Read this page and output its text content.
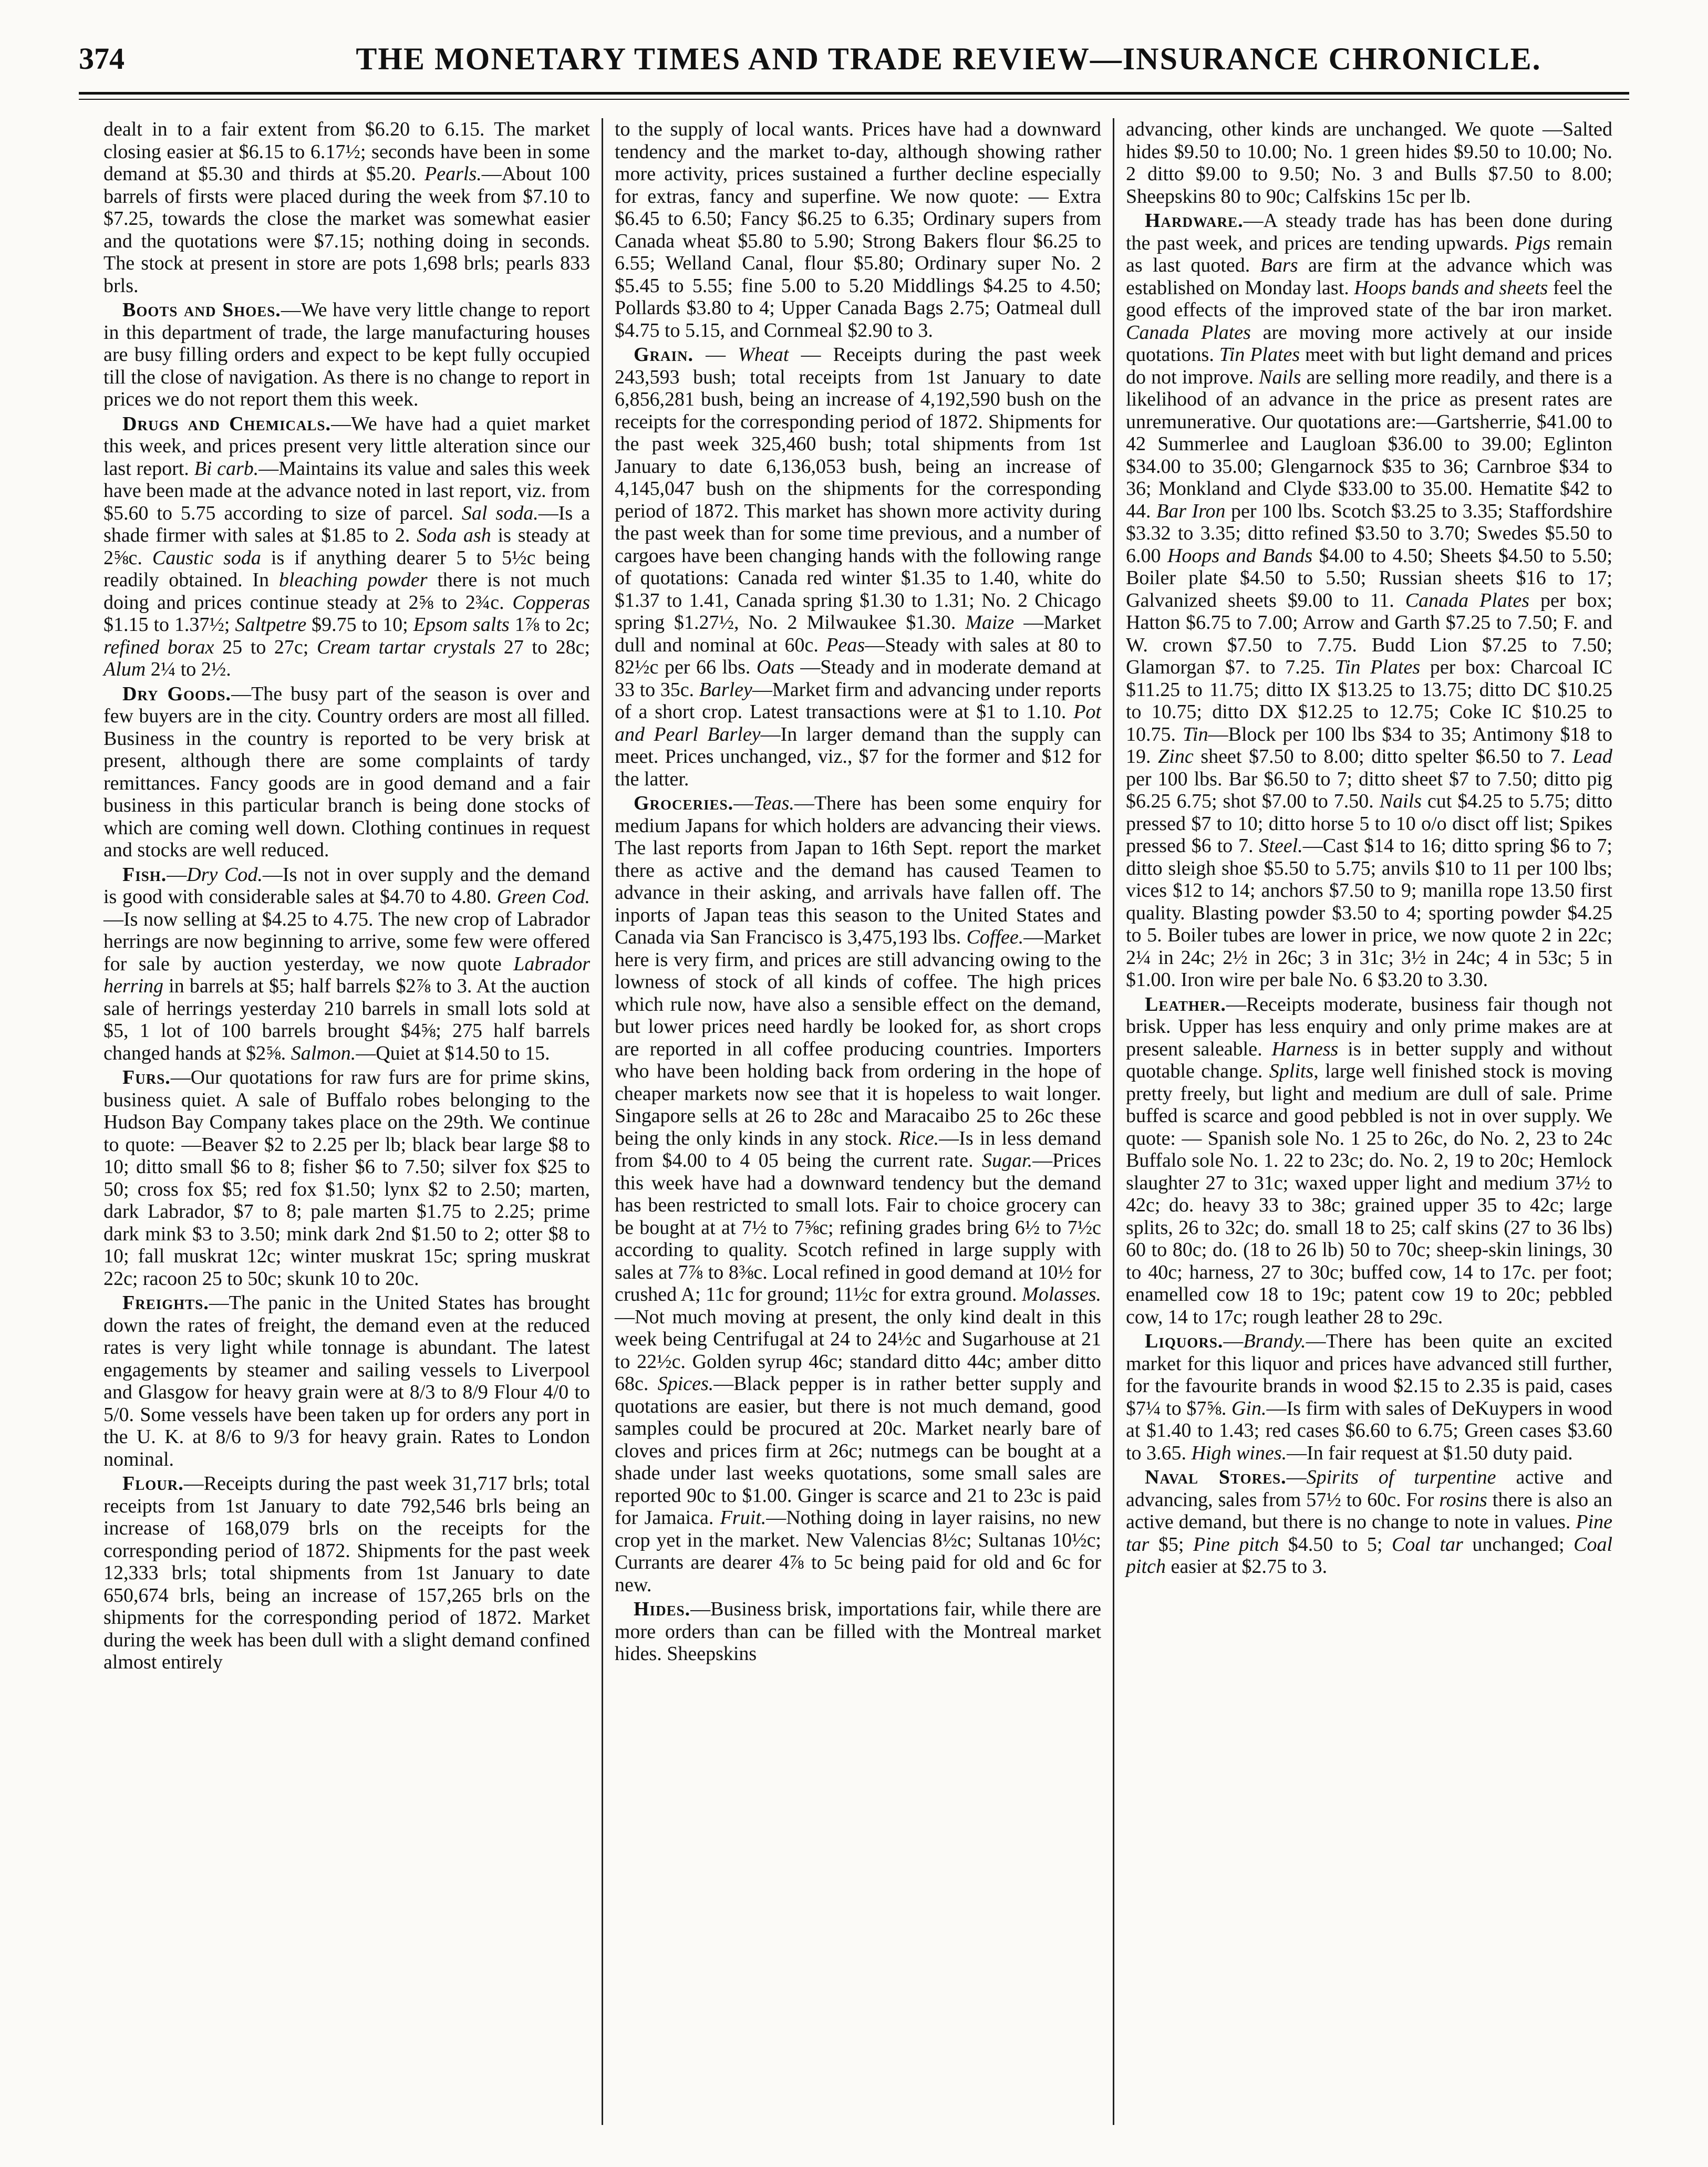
374	THE MONETARY TIMES AND TRADE REVIEW—INSURANCE CHRONICLE.

dealt in to a fair extent from $6.20 to 6.15. The market closing easier at $6.15 to 6.17½; seconds have been in some demand at $5.30 and thirds at $5.20. Pearls.—About 100 barrels of firsts were placed during the week from $7.10 to $7.25, towards the close the market was somewhat easier and the quotations were $7.15; nothing doing in seconds. The stock at present in store are pots 1,698 brls; pearls 833 brls.

Boots and Shoes.—We have very little change to report in this department of trade, the large manufacturing houses are busy filling orders and expect to be kept fully occupied till the close of navigation. As there is no change to report in prices we do not report them this week.

Drugs and Chemicals.—We have had a quiet market this week, and prices present very little alteration since our last report. Bi carb.—Maintains its value and sales this week have been made at the advance noted in last report, viz. from $5.60 to 5.75 according to size of parcel. Sal soda.—Is a shade firmer with sales at $1.85 to 2. Soda ash is steady at 2⅝c. Caustic soda is if anything dearer 5 to 5½c being readily obtained. In bleaching powder there is not much doing and prices continue steady at 2⅝ to 2¾c. Copperas $1.15 to 1.37½; Saltpetre $9.75 to 10; Epsom salts 1⅞ to 2c; refined borax 25 to 27c; Cream tartar crystals 27 to 28c; Alum 2¼ to 2½.

Dry Goods.—The busy part of the season is over and few buyers are in the city. Country orders are most all filled. Business in the country is reported to be very brisk at present, although there are some complaints of tardy remittances. Fancy goods are in good demand and a fair business in this particular branch is being done stocks of which are coming well down. Clothing continues in request and stocks are well reduced.

Fish.—Dry Cod.—Is not in over supply and the demand is good with considerable sales at $4.70 to 4.80. Green Cod.—Is now selling at $4.25 to 4.75. The new crop of Labrador herrings are now beginning to arrive, some few were offered for sale by auction yesterday, we now quote Labrador herring in barrels at $5; half barrels $2⅞ to 3. At the auction sale of herrings yesterday 210 barrels in small lots sold at $5, 1 lot of 100 barrels brought $4⅝; 275 half barrels changed hands at $2⅝. Salmon.—Quiet at $14.50 to 15.

Furs.—Our quotations for raw furs are for prime skins, business quiet. A sale of Buffalo robes belonging to the Hudson Bay Company takes place on the 29th. We continue to quote: —Beaver $2 to 2.25 per lb; black bear large $8 to 10; ditto small $6 to 8; fisher $6 to 7.50; silver fox $25 to 50; cross fox $5; red fox $1.50; lynx $2 to 2.50; marten, dark Labrador, $7 to 8; pale marten $1.75 to 2.25; prime dark mink $3 to 3.50; mink dark 2nd $1.50 to 2; otter $8 to 10; fall muskrat 12c; winter muskrat 15c; spring muskrat 22c; racoon 25 to 50c; skunk 10 to 20c.

Freights.—The panic in the United States has brought down the rates of freight, the demand even at the reduced rates is very light while tonnage is abundant. The latest engagements by steamer and sailing vessels to Liverpool and Glasgow for heavy grain were at 8/3 to 8/9 Flour 4/0 to 5/0. Some vessels have been taken up for orders any port in the U. K. at 8/6 to 9/3 for heavy grain. Rates to London nominal.

Flour.—Receipts during the past week 31,717 brls; total receipts from 1st January to date 792,546 brls being an increase of 168,079 brls on the receipts for the corresponding period of 1872. Shipments for the past week 12,333 brls; total shipments from 1st January to date 650,674 brls, being an increase of 157,265 brls on the shipments for the corresponding period of 1872. Market during the week has been dull with a slight demand confined almost entirely

to the supply of local wants. Prices have had a downward tendency and the market to-day, although showing rather more activity, prices sustained a further decline especially for extras, fancy and superfine. We now quote: — Extra $6.45 to 6.50; Fancy $6.25 to 6.35; Ordinary supers from Canada wheat $5.80 to 5.90; Strong Bakers flour $6.25 to 6.55; Welland Canal, flour $5.80; Ordinary super No. 2 $5.45 to 5.55; fine 5.00 to 5.20 Middlings $4.25 to 4.50; Pollards $3.80 to 4; Upper Canada Bags 2.75; Oatmeal dull $4.75 to 5.15, and Cornmeal $2.90 to 3.

Grain. — Wheat — Receipts during the past week 243,593 bush; total receipts from 1st January to date 6,856,281 bush, being an increase of 4,192,590 bush on the receipts for the corresponding period of 1872. Shipments for the past week 325,460 bush; total shipments from 1st January to date 6,136,053 bush, being an increase of 4,145,047 bush on the shipments for the corresponding period of 1872. This market has shown more activity during the past week than for some time previous, and a number of cargoes have been changing hands with the following range of quotations: Canada red winter $1.35 to 1.40, white do $1.37 to 1.41, Canada spring $1.30 to 1.31; No. 2 Chicago spring $1.27½, No. 2 Milwaukee $1.30. Maize —Market dull and nominal at 60c. Peas—Steady with sales at 80 to 82½c per 66 lbs. Oats —Steady and in moderate demand at 33 to 35c. Barley—Market firm and advancing under reports of a short crop. Latest transactions were at $1 to 1.10. Pot and Pearl Barley—In larger demand than the supply can meet. Prices unchanged, viz., $7 for the former and $12 for the latter.

Groceries.—Teas.—There has been some enquiry for medium Japans for which holders are advancing their views. The last reports from Japan to 16th Sept. report the market there as active and the demand has caused Teamen to advance in their asking, and arrivals have fallen off. The inports of Japan teas this season to the United States and Canada via San Francisco is 3,475,193 lbs. Coffee.—Market here is very firm, and prices are still advancing owing to the lowness of stock of all kinds of coffee. The high prices which rule now, have also a sensible effect on the demand, but lower prices need hardly be looked for, as short crops are reported in all coffee producing countries. Importers who have been holding back from ordering in the hope of cheaper markets now see that it is hopeless to wait longer. Singapore sells at 26 to 28c and Maracaibo 25 to 26c these being the only kinds in any stock. Rice.—Is in less demand from $4.00 to 4 05 being the current rate. Sugar.—Prices this week have had a downward tendency but the demand has been restricted to small lots. Fair to choice grocery can be bought at at 7½ to 7⅝c; refining grades bring 6½ to 7½c according to quality. Scotch refined in large supply with sales at 7⅞ to 8⅜c. Local refined in good demand at 10½ for crushed A; 11c for ground; 11½c for extra ground. Molasses.—Not much moving at present, the only kind dealt in this week being Centrifugal at 24 to 24½c and Sugarhouse at 21 to 22½c. Golden syrup 46c; standard ditto 44c; amber ditto 68c. Spices.—Black pepper is in rather better supply and quotations are easier, but there is not much demand, good samples could be procured at 20c. Market nearly bare of cloves and prices firm at 26c; nutmegs can be bought at a shade under last weeks quotations, some small sales are reported 90c to $1.00. Ginger is scarce and 21 to 23c is paid for Jamaica. Fruit.—Nothing doing in layer raisins, no new crop yet in the market. New Valencias 8½c; Sultanas 10½c; Currants are dearer 4⅞ to 5c being paid for old and 6c for new.

Hides.—Business brisk, importations fair, while there are more orders than can be filled with the Montreal market hides. Sheepskins

advancing, other kinds are unchanged. We quote —Salted hides $9.50 to 10.00; No. 1 green hides $9.50 to 10.00; No. 2 ditto $9.00 to 9.50; No. 3 and Bulls $7.50 to 8.00; Sheepskins 80 to 90c; Calfskins 15c per lb.

Hardware.—A steady trade has has been done during the past week, and prices are tending upwards. Pigs remain as last quoted. Bars are firm at the advance which was established on Monday last. Hoops bands and sheets feel the good effects of the improved state of the bar iron market. Canada Plates are moving more actively at our inside quotations. Tin Plates meet with but light demand and prices do not improve. Nails are selling more readily, and there is a likelihood of an advance in the price as present rates are unremunerative. Our quotations are:—Gartsherrie, $41.00 to 42 Summerlee and Laugloan $36.00 to 39.00; Eglinton $34.00 to 35.00; Glengarnock $35 to 36; Carnbroe $34 to 36; Monkland and Clyde $33.00 to 35.00. Hematite $42 to 44. Bar Iron per 100 lbs. Scotch $3.25 to 3.35; Staffordshire $3.32 to 3.35; ditto refined $3.50 to 3.70; Swedes $5.50 to 6.00 Hoops and Bands $4.00 to 4.50; Sheets $4.50 to 5.50; Boiler plate $4.50 to 5.50; Russian sheets $16 to 17; Galvanized sheets $9.00 to 11. Canada Plates per box; Hatton $6.75 to 7.00; Arrow and Garth $7.25 to 7.50; F. and W. crown $7.50 to 7.75. Budd Lion $7.25 to 7.50; Glamorgan $7. to 7.25. Tin Plates per box: Charcoal IC $11.25 to 11.75; ditto IX $13.25 to 13.75; ditto DC $10.25 to 10.75; ditto DX $12.25 to 12.75; Coke IC $10.25 to 10.75. Tin—Block per 100 lbs $34 to 35; Antimony $18 to 19. Zinc sheet $7.50 to 8.00; ditto spelter $6.50 to 7. Lead per 100 lbs. Bar $6.50 to 7; ditto sheet $7 to 7.50; ditto pig $6.25 6.75; shot $7.00 to 7.50. Nails cut $4.25 to 5.75; ditto pressed $7 to 10; ditto horse 5 to 10 o/o disct off list; Spikes pressed $6 to 7. Steel.—Cast $14 to 16; ditto spring $6 to 7; ditto sleigh shoe $5.50 to 5.75; anvils $10 to 11 per 100 lbs; vices $12 to 14; anchors $7.50 to 9; manilla rope 13.50 first quality. Blasting powder $3.50 to 4; sporting powder $4.25 to 5. Boiler tubes are lower in price, we now quote 2 in 22c; 2¼ in 24c; 2½ in 26c; 3 in 31c; 3½ in 24c; 4 in 53c; 5 in $1.00. Iron wire per bale No. 6 $3.20 to 3.30.

Leather.—Receipts moderate, business fair though not brisk. Upper has less enquiry and only prime makes are at present saleable. Harness is in better supply and without quotable change. Splits, large well finished stock is moving pretty freely, but light and medium are dull of sale. Prime buffed is scarce and good pebbled is not in over supply. We quote: — Spanish sole No. 1 25 to 26c, do No. 2, 23 to 24c Buffalo sole No. 1. 22 to 23c; do. No. 2, 19 to 20c; Hemlock slaughter 27 to 31c; waxed upper light and medium 37½ to 42c; do. heavy 33 to 38c; grained upper 35 to 42c; large splits, 26 to 32c; do. small 18 to 25; calf skins (27 to 36 lbs) 60 to 80c; do. (18 to 26 lb) 50 to 70c; sheep-skin linings, 30 to 40c; harness, 27 to 30c; buffed cow, 14 to 17c. per foot; enamelled cow 18 to 19c; patent cow 19 to 20c; pebbled cow, 14 to 17c; rough leather 28 to 29c.

Liquors.—Brandy.—There has been quite an excited market for this liquor and prices have advanced still further, for the favourite brands in wood $2.15 to 2.35 is paid, cases $7¼ to $7⅝. Gin.—Is firm with sales of DeKuypers in wood at $1.40 to 1.43; red cases $6.60 to 6.75; Green cases $3.60 to 3.65. High wines.—In fair request at $1.50 duty paid.

Naval Stores.—Spirits of turpentine active and advancing, sales from 57½ to 60c. For rosins there is also an active demand, but there is no change to note in values. Pine tar $5; Pine pitch $4.50 to 5; Coal tar unchanged; Coal pitch easier at $2.75 to 3.
